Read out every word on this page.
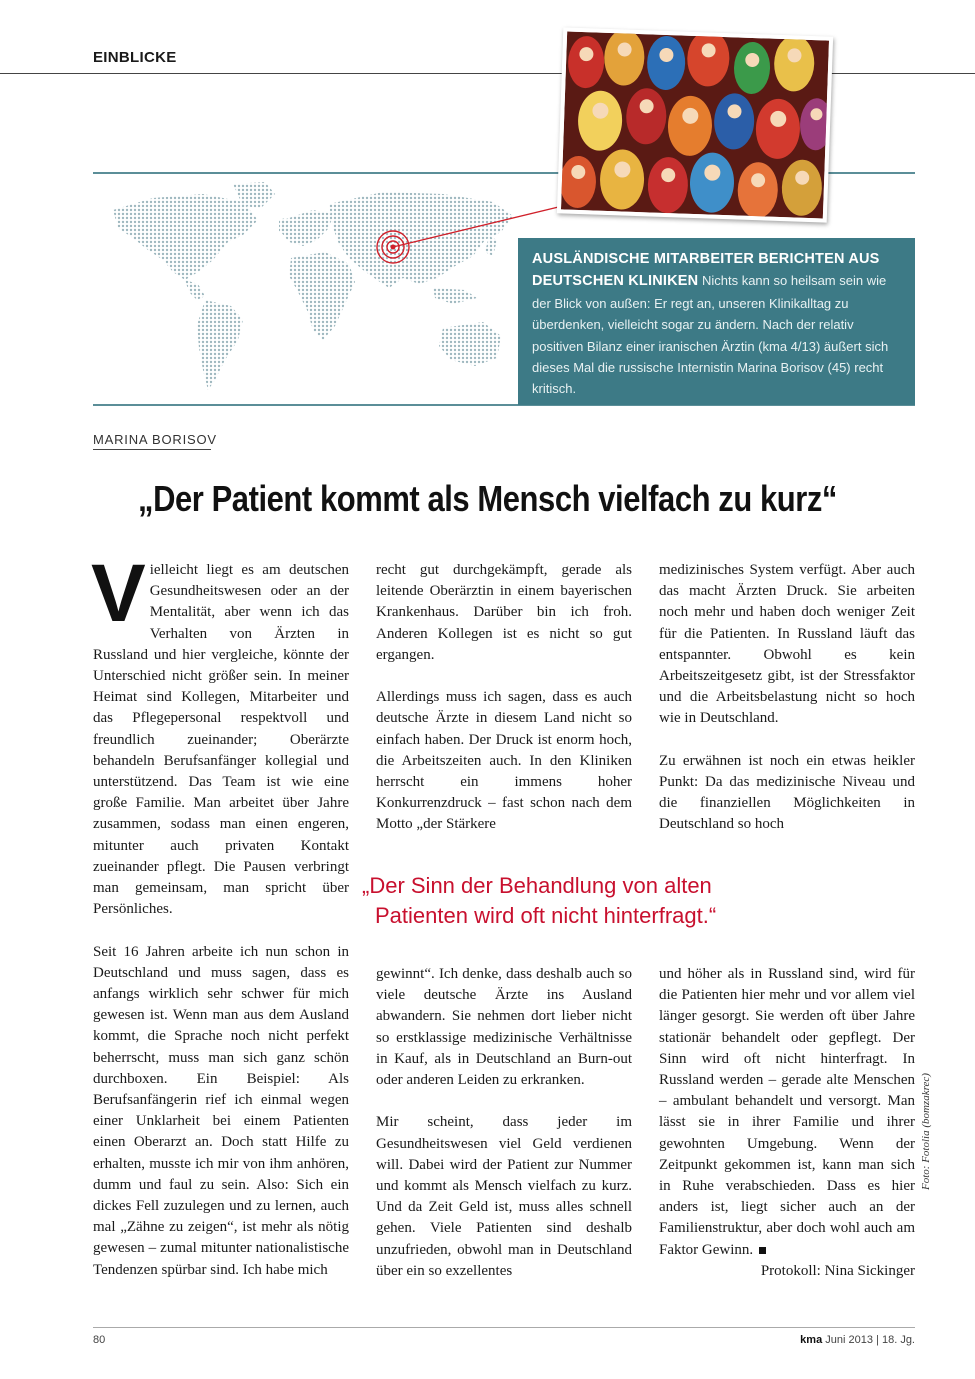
EINBLICKE
AUSLÄNDISCHE MITARBEITER BERICHTEN AUS DEUTSCHEN KLINIKEN Nichts kann so heilsam sein wie der Blick von außen: Er regt an, unseren Klinikalltag zu überdenken, vielleicht sogar zu ändern. Nach der relativ positiven Bilanz einer iranischen Ärztin (kma 4/13) äußert sich dieses Mal die russische Internistin Marina Borisov (45) recht kritisch.
MARINA BORISOV
„Der Patient kommt als Mensch vielfach zu kurz“

Vielleicht liegt es am deutschen Gesundheitswesen oder an der Mentalität, aber wenn ich das Verhalten von Ärzten in Russland und hier vergleiche, könnte der Unterschied nicht größer sein. In meiner Heimat sind Kollegen, Mitarbeiter und das Pflegepersonal respektvoll und freundlich zueinander; Oberärzte behandeln Berufsanfänger kollegial und unterstützend. Das Team ist wie eine große Familie. Man arbeitet über Jahre zusammen, sodass man einen engeren, mitunter auch privaten Kontakt zueinander pflegt. Die Pausen verbringt man gemeinsam, man spricht über Persönliches.

Seit 16 Jahren arbeite ich nun schon in Deutschland und muss sagen, dass es anfangs wirklich sehr schwer für mich gewesen ist. Wenn man aus dem Ausland kommt, die Sprache noch nicht perfekt beherrscht, muss man sich ganz schön durchboxen. Ein Beispiel: Als Berufsanfängerin rief ich einmal wegen einer Unklarheit bei einem Patienten einen Oberarzt an. Doch statt Hilfe zu erhalten, musste ich mir von ihm anhören, dumm und faul zu sein. Also: Sich ein dickes Fell zuzulegen und zu lernen, auch mal „Zähne zu zeigen“, ist mehr als nötig gewesen – zumal mitunter nationalistische Tendenzen spürbar sind. Ich habe mich

recht gut durchgekämpft, gerade als leitende Oberärztin in einem bayerischen Krankenhaus. Darüber bin ich froh. Anderen Kollegen ist es nicht so gut ergangen.

Allerdings muss ich sagen, dass es auch deutsche Ärzte in diesem Land nicht so einfach haben. Der Druck ist enorm hoch, die Arbeitszeiten auch. In den Kliniken herrscht ein immens hoher Konkurrenzdruck – fast schon nach dem Motto „der Stärkere

medizinisches System verfügt. Aber auch das macht Ärzten Druck. Sie arbeiten noch mehr und haben doch weniger Zeit für die Patienten. In Russland läuft das entspannter. Obwohl es kein Arbeitszeitgesetz gibt, ist der Stressfaktor und die Arbeitsbelastung nicht so hoch wie in Deutschland.

Zu erwähnen ist noch ein etwas heikler Punkt: Da das medizinische Niveau und die finanziellen Möglichkeiten in Deutschland so hoch

„Der Sinn der Behandlung von alten
Patienten wird oft nicht hinterfragt.“

gewinnt“. Ich denke, dass deshalb auch so viele deutsche Ärzte ins Ausland abwandern. Sie nehmen dort lieber nicht so erstklassige medizinische Verhältnisse in Kauf, als in Deutschland an Burn-out oder anderen Leiden zu erkranken.

Mir scheint, dass jeder im Gesundheitswesen viel Geld verdienen will. Dabei wird der Patient zur Nummer und kommt als Mensch vielfach zu kurz. Und da Zeit Geld ist, muss alles schnell gehen. Viele Patienten sind deshalb unzufrieden, obwohl man in Deutschland über ein so exzellentes

und höher als in Russland sind, wird für die Patienten hier mehr und vor allem viel länger gesorgt. Sie werden oft über Jahre stationär behandelt oder gepflegt. Der Sinn wird oft nicht hinterfragt. In Russland werden – gerade alte Menschen – ambulant behandelt und versorgt. Man lässt sie in ihrer Familie und ihrer gewohnten Umgebung. Wenn der Zeitpunkt gekommen ist, kann man sich in Ruhe verabschieden. Dass es hier anders ist, liegt sicher auch an der Familienstruktur, aber doch wohl auch am Faktor Gewinn.

Protokoll: Nina Sickinger

Foto: Fotolia (bomzakrec)
80	kma Juni 2013 | 18. Jg.
